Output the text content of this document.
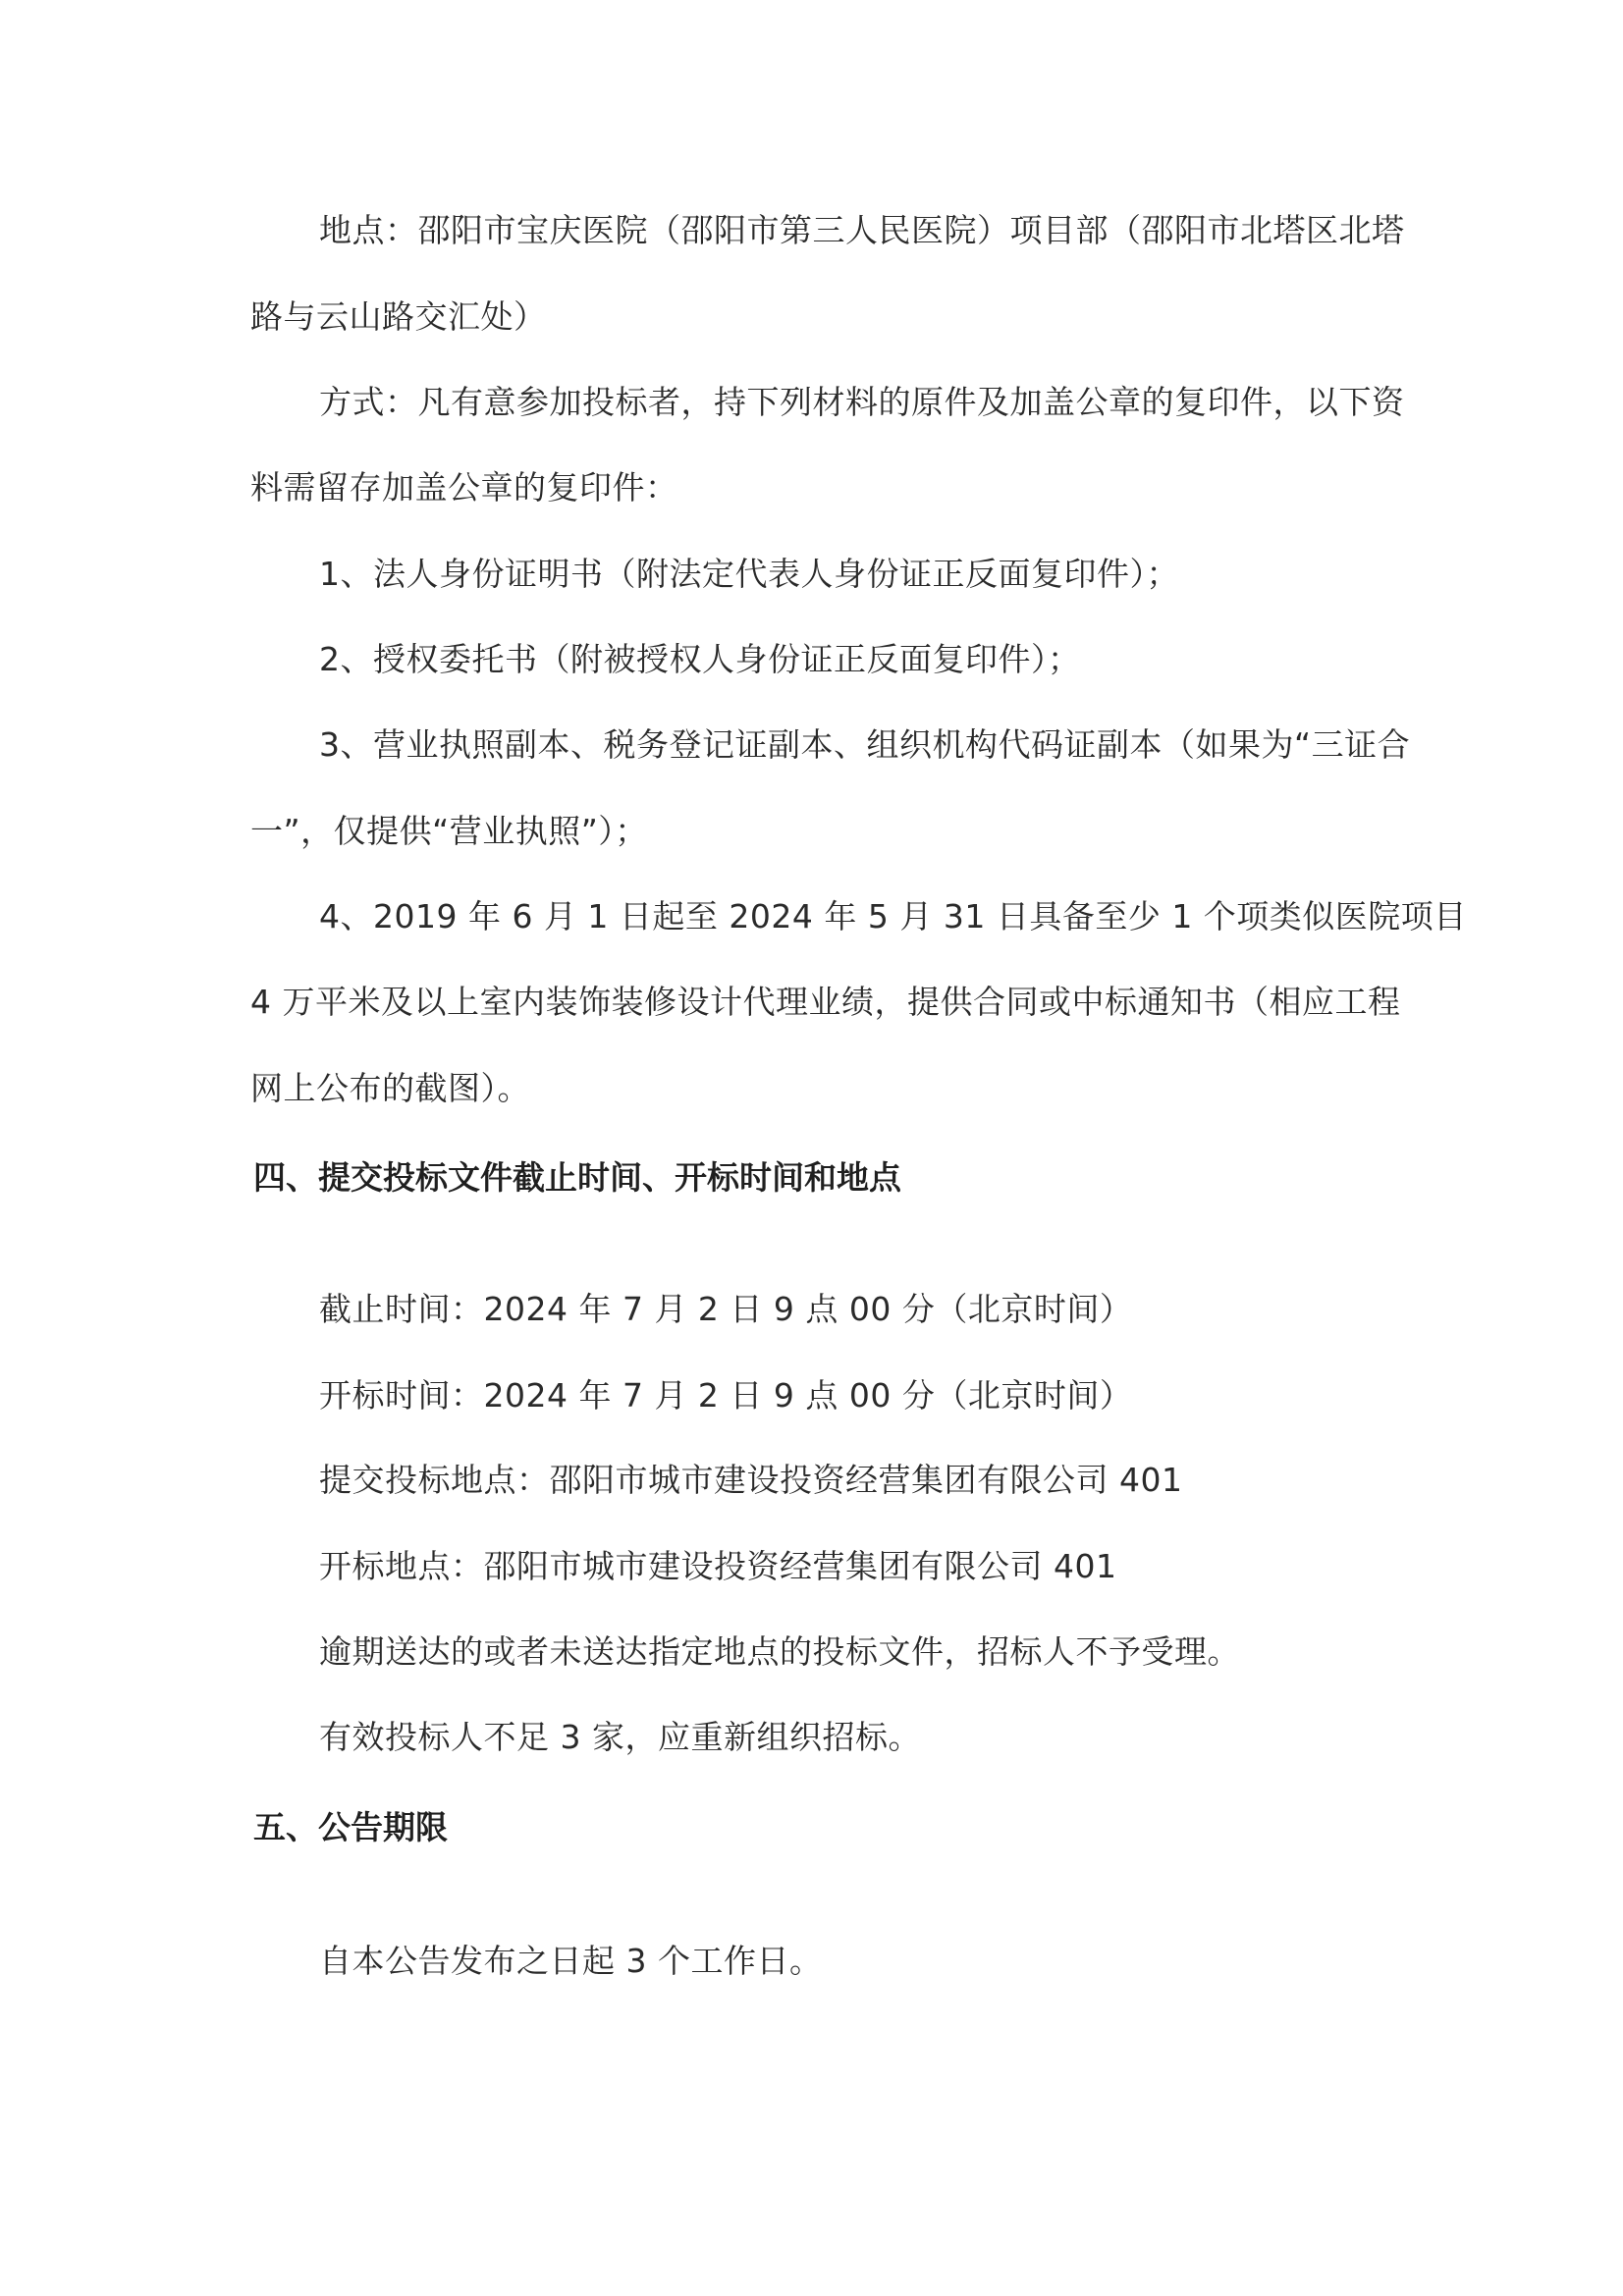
地点：邵阳市宝庆医院（邵阳市第三人民医院）项目部（邵阳市北塔区北塔
路与云山路交汇处）
方式：凡有意参加投标者，持下列材料的原件及加盖公章的复印件，以下资
料需留存加盖公章的复印件：
1、法人身份证明书（附法定代表人身份证正反面复印件）；
2、授权委托书（附被授权人身份证正反面复印件）；
3、营业执照副本、税务登记证副本、组织机构代码证副本（如果为“三证合
一”，仅提供“营业执照”）；
4、2019 年 6 月 1 日起至 2024 年 5 月 31 日具备至少 1 个项类似医院项目
4 万平米及以上室内装饰装修设计代理业绩，提供合同或中标通知书（相应工程
网上公布的截图）。
四、提交投标文件截止时间、开标时间和地点
截止时间：2024 年 7 月 2 日 9 点 00 分（北京时间）
开标时间：2024 年 7 月 2 日 9 点 00 分（北京时间）
提交投标地点：邵阳市城市建设投资经营集团有限公司 401
开标地点：邵阳市城市建设投资经营集团有限公司 401
逾期送达的或者未送达指定地点的投标文件，招标人不予受理。
有效投标人不足 3 家，应重新组织招标。
五、公告期限
自本公告发布之日起 3 个工作日。
